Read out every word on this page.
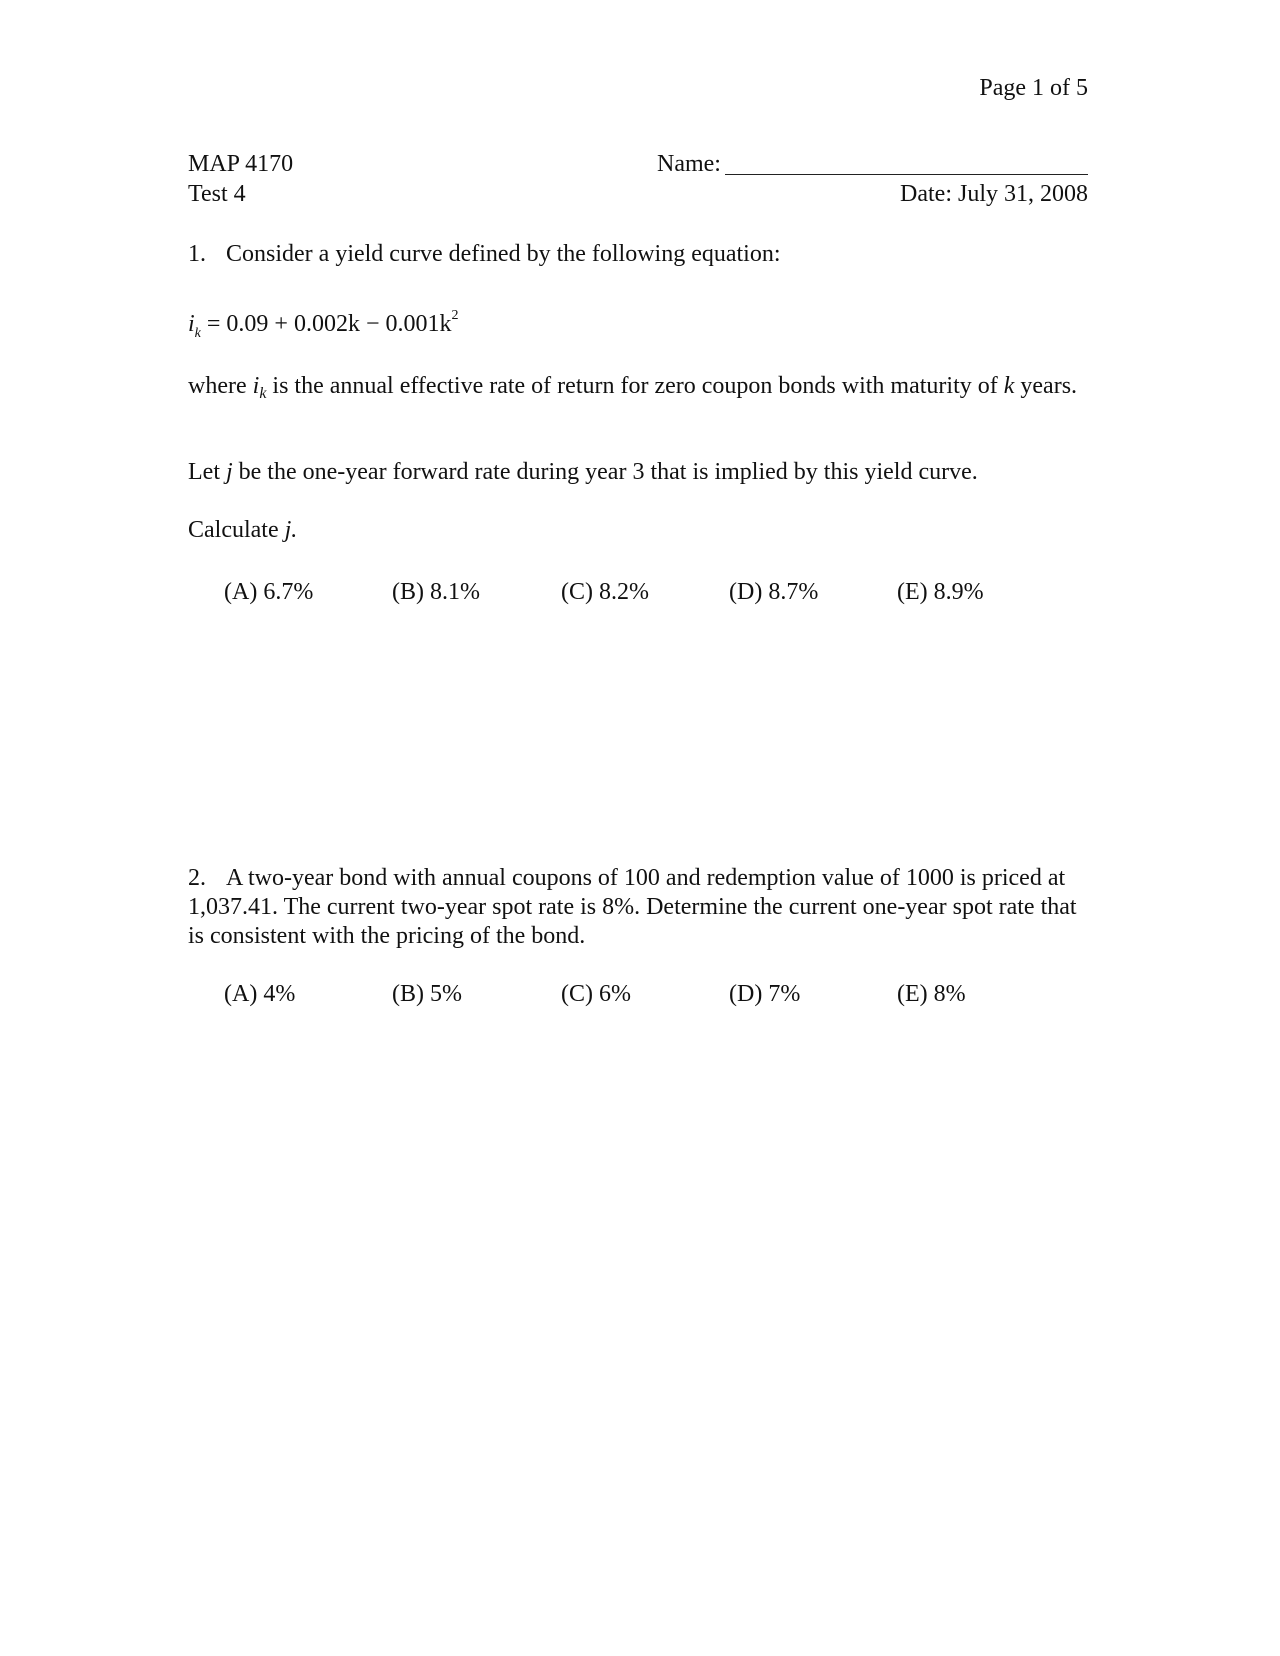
Page 1 of 5
MAP 4170
Test 4
Name:
Date: July 31, 2008
1. Consider a yield curve defined by the following equation:
$i_k = 0.09 + 0.002k - 0.001k^2$
where $i_k$ is the annual effective rate of return for zero coupon bonds with maturity of k years.
Let j be the one-year forward rate during year 3 that is implied by this yield curve.
Calculate j.
(A) 6.7%	(B) 8.1%	(C) 8.2%	(D) 8.7%	(E) 8.9%
2. A two-year bond with annual coupons of 100 and redemption value of 1000 is priced at 1,037.41. The current two-year spot rate is 8%. Determine the current one-year spot rate that is consistent with the pricing of the bond.
(A) 4%	(B) 5%	(C) 6%	(D) 7%	(E) 8%
